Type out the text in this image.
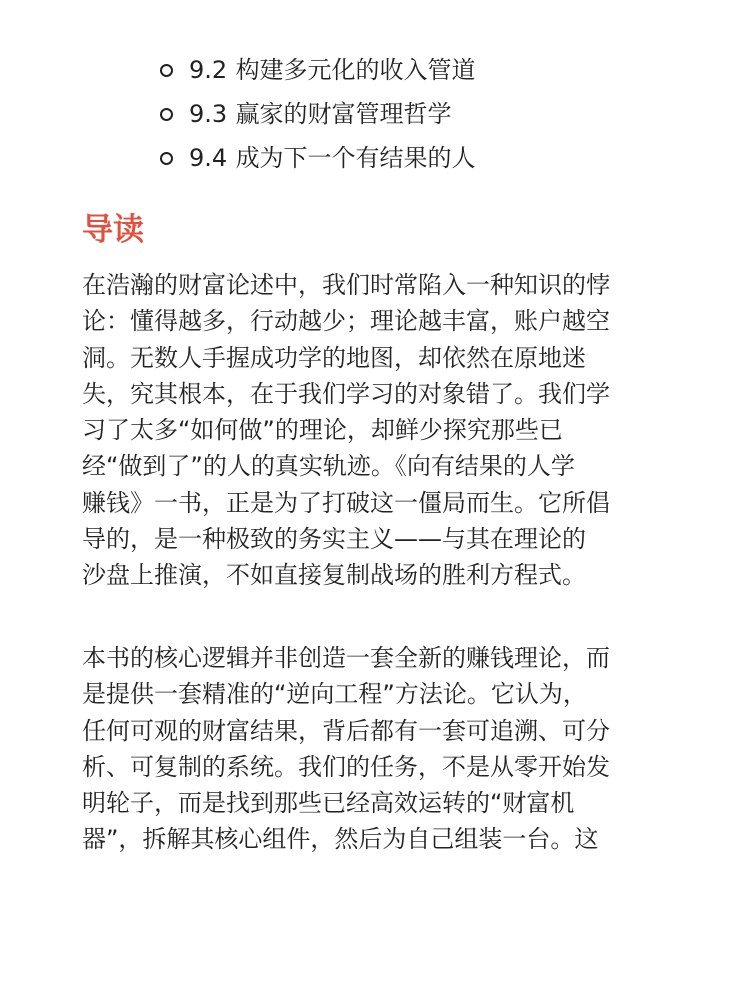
9.2 构建多元化的收入管道
9.3 赢家的财富管理哲学
9.4 成为下一个有结果的人
导读

在浩瀚的财富论述中，我们时常陷入一种知识的悖
论：懂得越多，行动越少；理论越丰富，账户越空
洞。无数人手握成功学的地图，却依然在原地迷
失，究其根本，在于我们学习的对象错了。我们学
习了太多“如何做”的理论，却鲜少探究那些已
经“做到了”的人的真实轨迹。《向有结果的人学
赚钱》一书，正是为了打破这一僵局而生。它所倡
导的，是一种极致的务实主义——与其在理论的
沙盘上推演，不如直接复制战场的胜利方程式。

本书的核心逻辑并非创造一套全新的赚钱理论，而
是提供一套精准的“逆向工程”方法论。它认为，
任何可观的财富结果，背后都有一套可追溯、可分
析、可复制的系统。我们的任务，不是从零开始发
明轮子，而是找到那些已经高效运转的“财富机
器”，拆解其核心组件，然后为自己组装一台。这
